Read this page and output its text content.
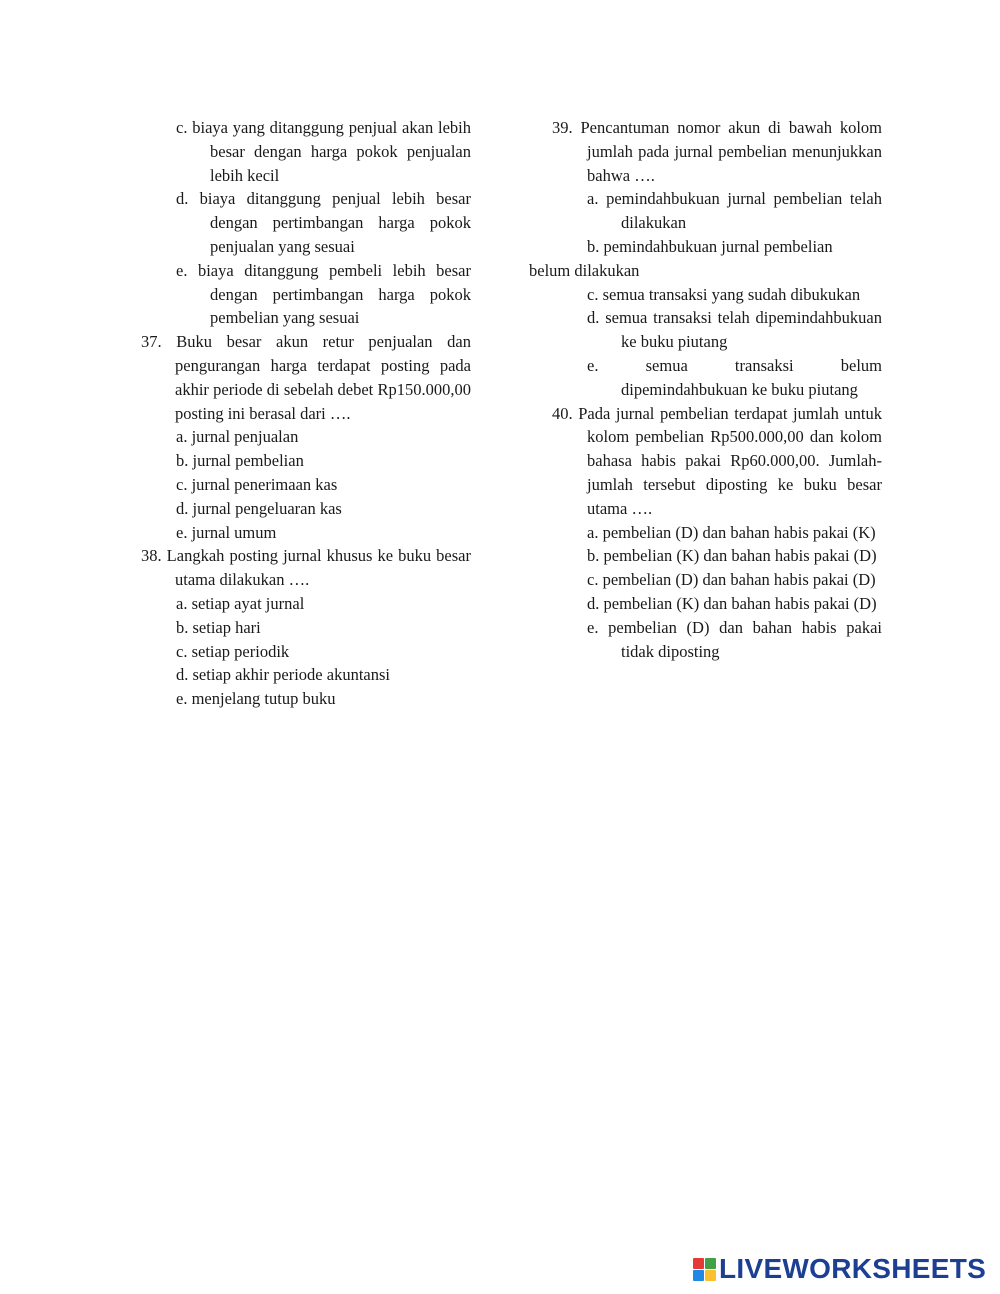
c. biaya yang ditanggung penjual akan lebih besar dengan harga pokok penjualan lebih kecil

d. biaya ditanggung penjual lebih besar dengan pertimbangan harga pokok penjualan yang sesuai

e. biaya ditanggung pembeli lebih besar dengan pertimbangan harga pokok pembelian yang sesuai

37. Buku besar akun retur penjualan dan pengurangan harga terdapat posting pada akhir periode di sebelah debet Rp150.000,00 posting ini berasal dari ….

a. jurnal penjualan

b. jurnal pembelian

c. jurnal penerimaan kas

d. jurnal pengeluaran kas

e. jurnal umum

38. Langkah posting jurnal khusus ke buku besar utama dilakukan ….

a. setiap ayat jurnal

b. setiap hari

c. setiap periodik

d. setiap akhir periode akuntansi

e. menjelang tutup buku

39. Pencantuman nomor akun di bawah kolom jumlah pada jurnal pembelian menunjukkan bahwa ….

a. pemindahbukuan jurnal pembelian telah dilakukan

b. pemindahbukuan jurnal pembelian

belum dilakukan

c. semua transaksi yang sudah dibukukan

d. semua transaksi telah dipemindahbukuan ke buku piutang

e. semua transaksi belum dipemindahbukuan ke buku piutang

40. Pada jurnal pembelian terdapat jumlah untuk kolom pembelian Rp500.000,00 dan kolom bahasa habis pakai Rp60.000,00. Jumlah-jumlah tersebut diposting ke buku besar utama ….

a. pembelian (D) dan bahan habis pakai (K)

b. pembelian (K) dan bahan habis pakai (D)

c. pembelian (D) dan bahan habis pakai (D)

d. pembelian (K) dan bahan habis pakai (D)

e. pembelian (D) dan bahan habis pakai tidak diposting

LIVEWORKSHEETS
